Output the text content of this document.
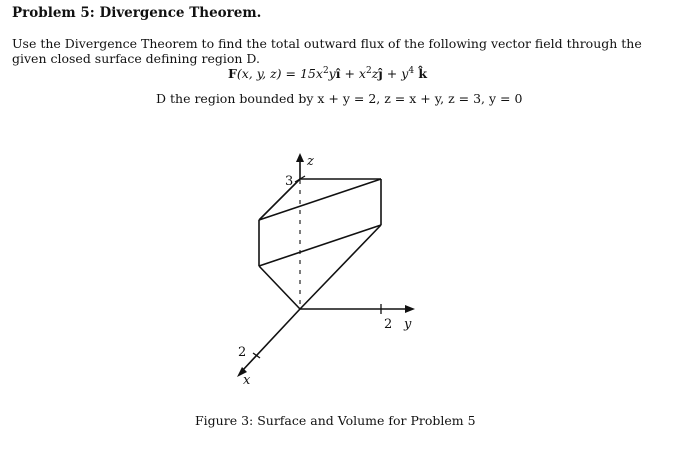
Problem 5: Divergence Theorem.
Use the Divergence Theorem to find the total outward flux of the following vector field through the given closed surface defining region D.
F(x, y, $z) = 15x^2yî$ + $x^2zĵ + y^4$ k̂
D the region bounded by x + y = 2, z = x + y, z = 3, y = 0
z
3
2 y
2
x
Figure 3: Surface and Volume for Problem 5
